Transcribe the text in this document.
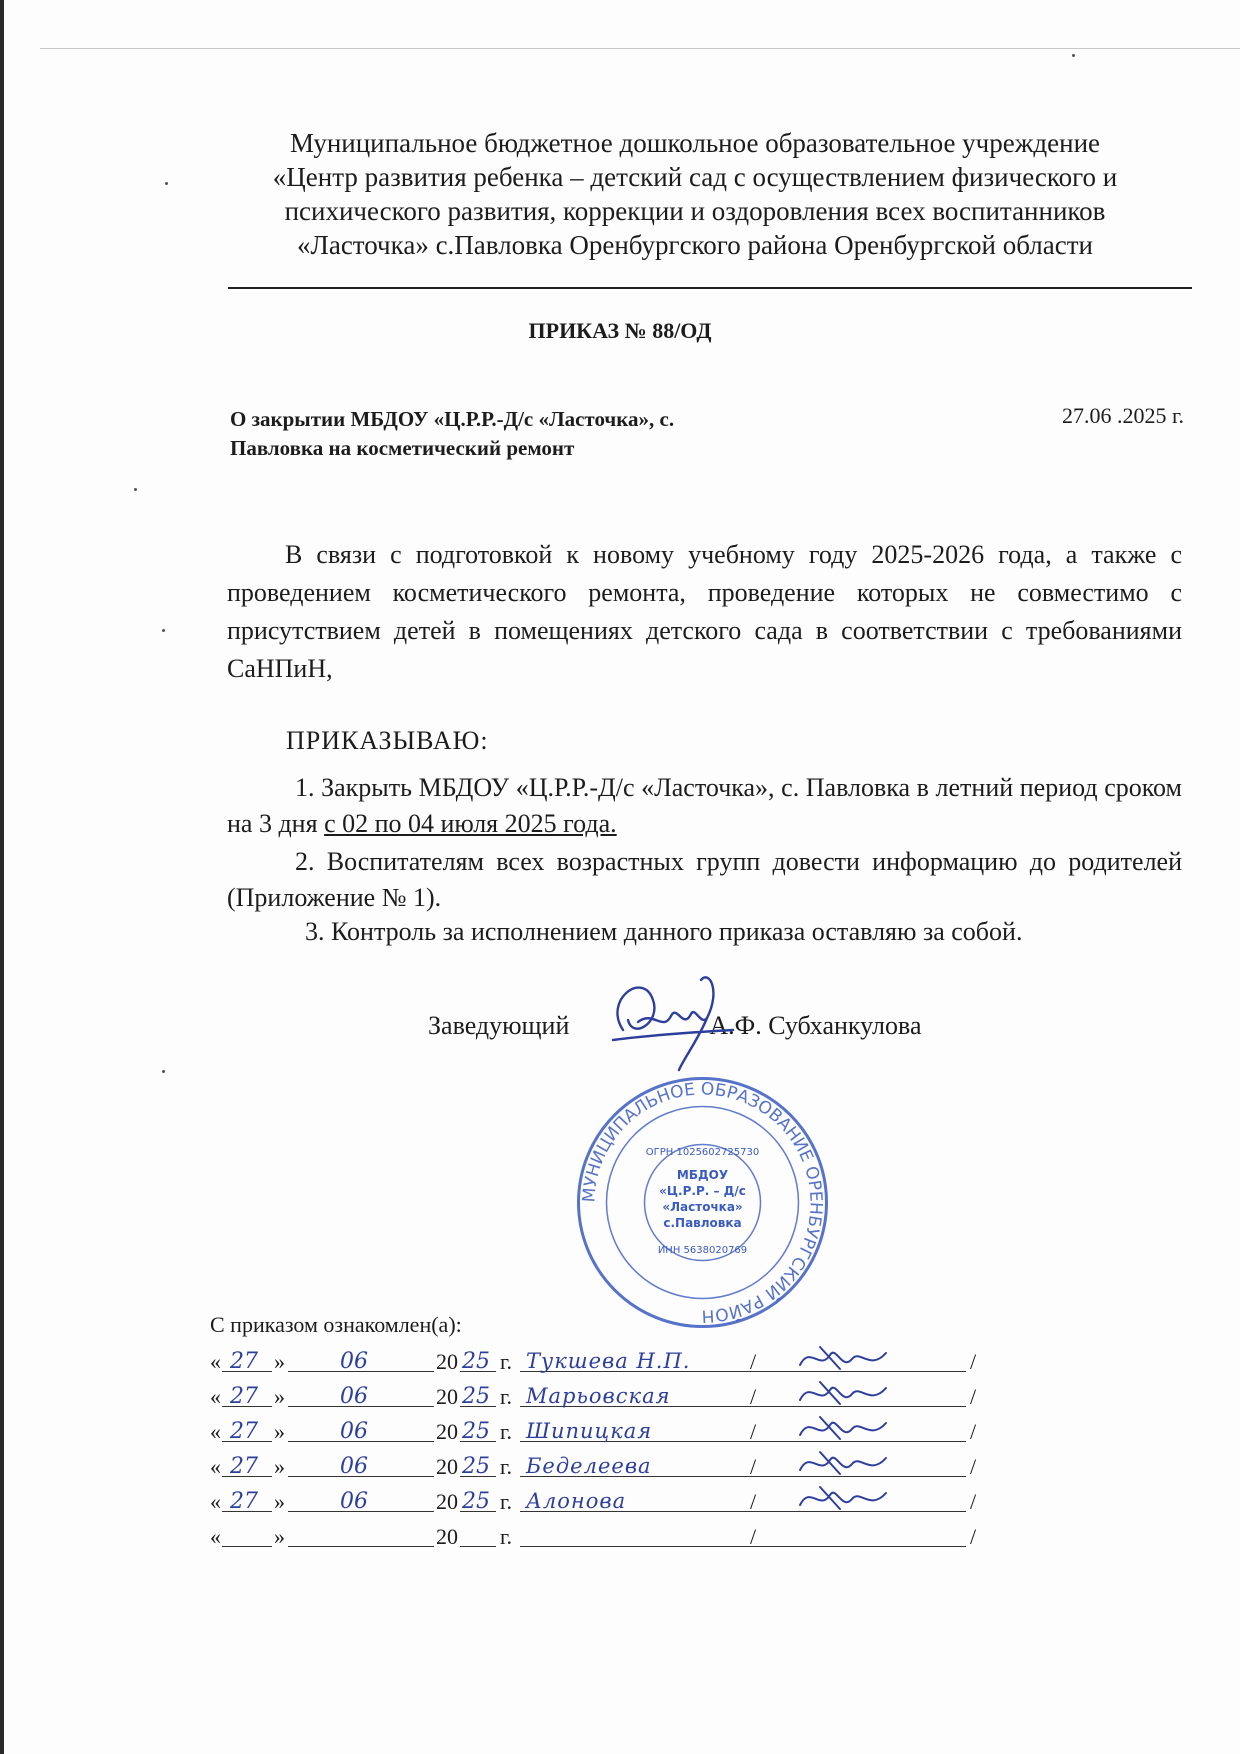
Муниципальное бюджетное дошкольное образовательное учреждение
«Центр развития ребенка – детский сад с осуществлением физического и
психического развития, коррекции и оздоровления всех воспитанников
«Ласточка» с.Павловка Оренбургского района Оренбургской области
ПРИКАЗ № 88/ОД
О закрытии МБДОУ «Ц.Р.Р.-Д/с «Ласточка», с.
Павловка на косметический ремонт
27.06 .2025 г.
В связи с подготовкой к новому учебному году 2025-2026 года, а также с проведением косметического ремонта, проведение которых не совместимо с присутствием детей в помещениях детского сада в соответствии с требованиями СаНПиН,
ПРИКАЗЫВАЮ:
1. Закрыть МБДОУ «Ц.Р.Р.-Д/с «Ласточка», с. Павловка в летний период сроком на 3 дня с 02 по 04 июля 2025 года.
2. Воспитателям всех возрастных групп довести информацию до родителей (Приложение № 1).
3. Контроль за исполнением данного приказа оставляю за собой.
Заведующий	А.Ф. Субханкулова
МУНИЦИПАЛЬНОЕ ОБРАЗОВАНИЕ ОРЕНБУРГСКИЙ РАЙОН
МБДОУ
«Ц.Р.Р. – Д/с
«Ласточка»
с.Павловка
ОГРН 1025602725730
ИНН 5638020769
С приказом ознакомлен(а):
« 27 »	06	20 25 г. Тукшева Н.П.	/	/
« 27 »	06	20 25 г. Марьовская	/	/
« 27 »	06	20 25 г. Шипицкая	/	/
« 27 »	06	20 25 г. Беделеева	/	/
« 27 »	06	20 25 г. Алонова	/	/
« »	20 г.	/	/
